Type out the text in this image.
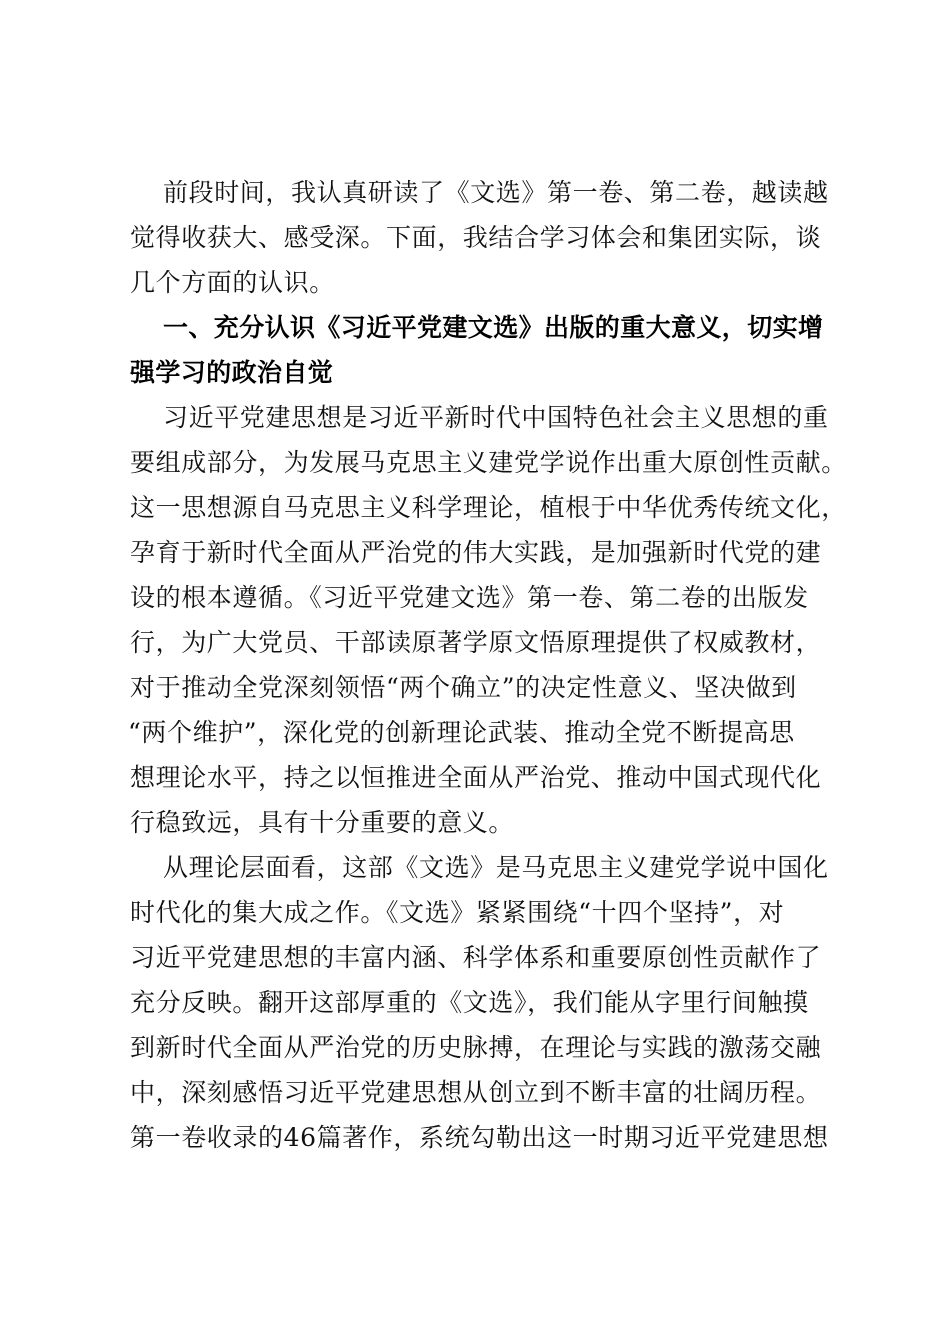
前段时间，我认真研读了《文选》第一卷、第二卷，越读越

觉得收获大、感受深。下面，我结合学习体会和集团实际，谈

几个方面的认识。

一、充分认识《习近平党建文选》出版的重大意义，切实增

强学习的政治自觉

习近平党建思想是习近平新时代中国特色社会主义思想的重

要组成部分，为发展马克思主义建党学说作出重大原创性贡献。

这一思想源自马克思主义科学理论，植根于中华优秀传统文化，

孕育于新时代全面从严治党的伟大实践，是加强新时代党的建

设的根本遵循。《习近平党建文选》第一卷、第二卷的出版发

行，为广大党员、干部读原著学原文悟原理提供了权威教材，

对于推动全党深刻领悟“两个确立”的决定性意义、坚决做到

“两个维护”，深化党的创新理论武装、推动全党不断提高思

想理论水平，持之以恒推进全面从严治党、推动中国式现代化

行稳致远，具有十分重要的意义。

从理论层面看，这部《文选》是马克思主义建党学说中国化

时代化的集大成之作。《文选》紧紧围绕“十四个坚持”，对

习近平党建思想的丰富内涵、科学体系和重要原创性贡献作了

充分反映。翻开这部厚重的《文选》，我们能从字里行间触摸

到新时代全面从严治党的历史脉搏，在理论与实践的激荡交融

中，深刻感悟习近平党建思想从创立到不断丰富的壮阔历程。

第一卷收录的46篇著作，系统勾勒出这一时期习近平党建思想
